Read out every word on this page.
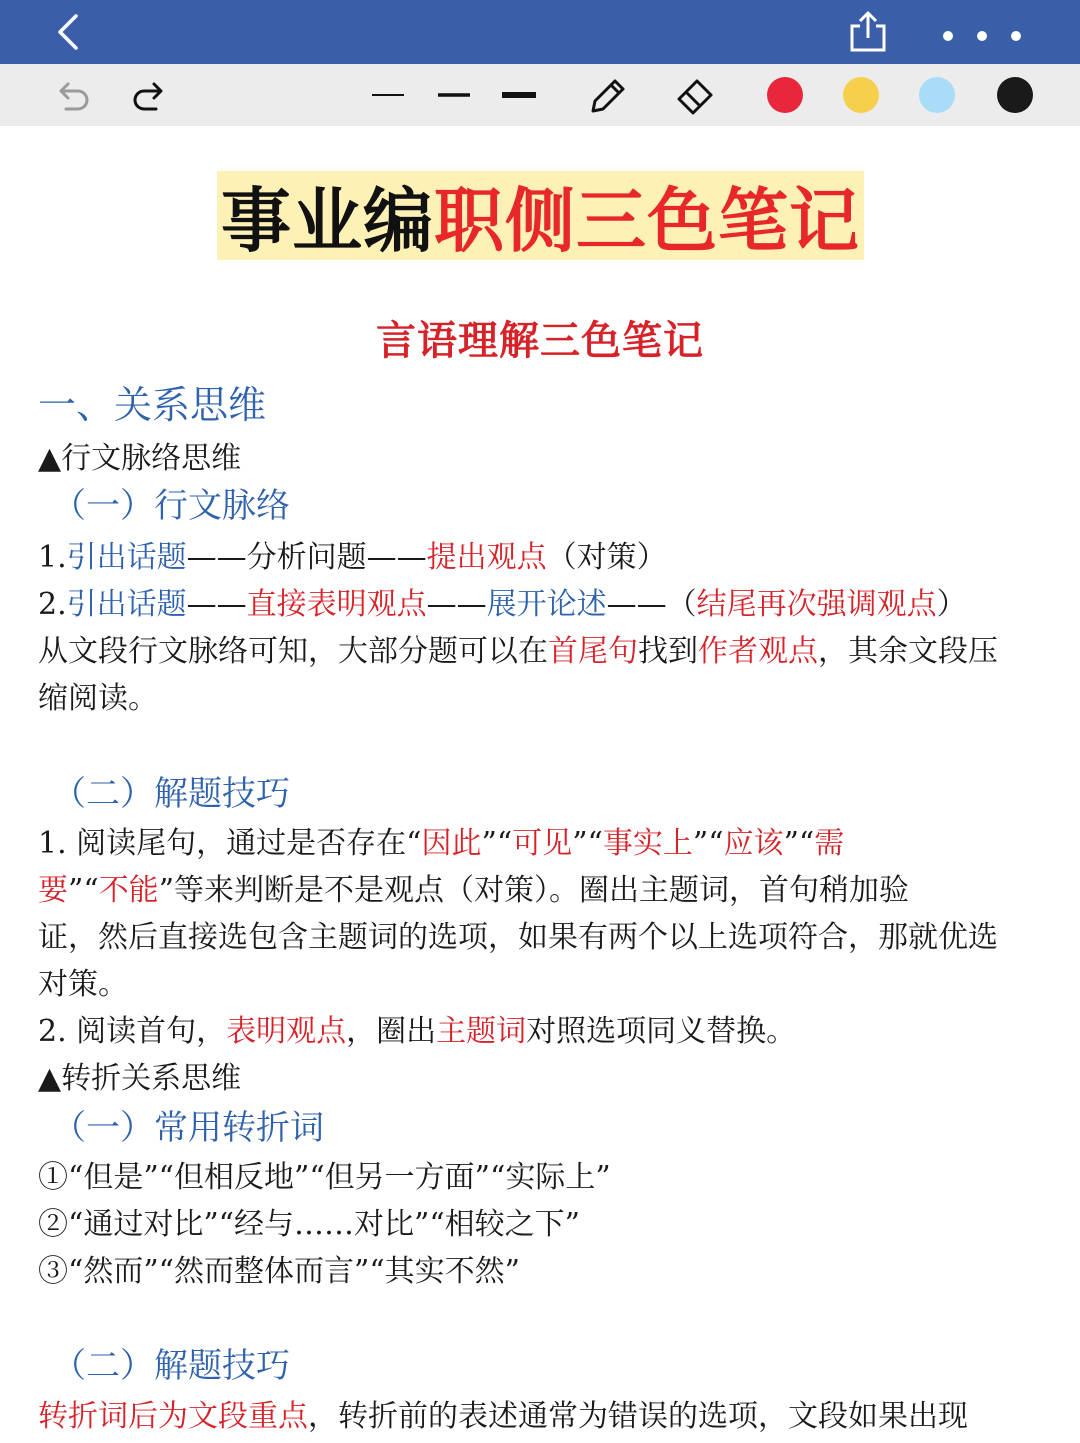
事业编 职侧三色笔记
言语理解三色笔记
一、关系思维
▲行文脉络思维
（一）行文脉络
1.引出话题——分析问题——提出观点（对策）
2.引出话题——直接表明观点——展开论述——（结尾再次强调观点）
从文段行文脉络可知，大部分题可以在首尾句找到作者观点，其余文段压
缩阅读。
（二）解题技巧
1. 阅读尾句，通过是否存在“因此”“可见”“事实上”“应该”“需
要”“不能”等来判断是不是观点（对策）。圈出主题词，首句稍加验
证，然后直接选包含主题词的选项，如果有两个以上选项符合，那就优选
对策。
2. 阅读首句，表明观点，圈出主题词对照选项同义替换。
▲转折关系思维
（一）常用转折词
①“但是”“但相反地”“但另一方面”“实际上”
②“通过对比”“经与……对比”“相较之下”
③“然而”“然而整体而言”“其实不然”
（二）解题技巧
转折词后为文段重点，转折前的表述通常为错误的选项，文段如果出现
